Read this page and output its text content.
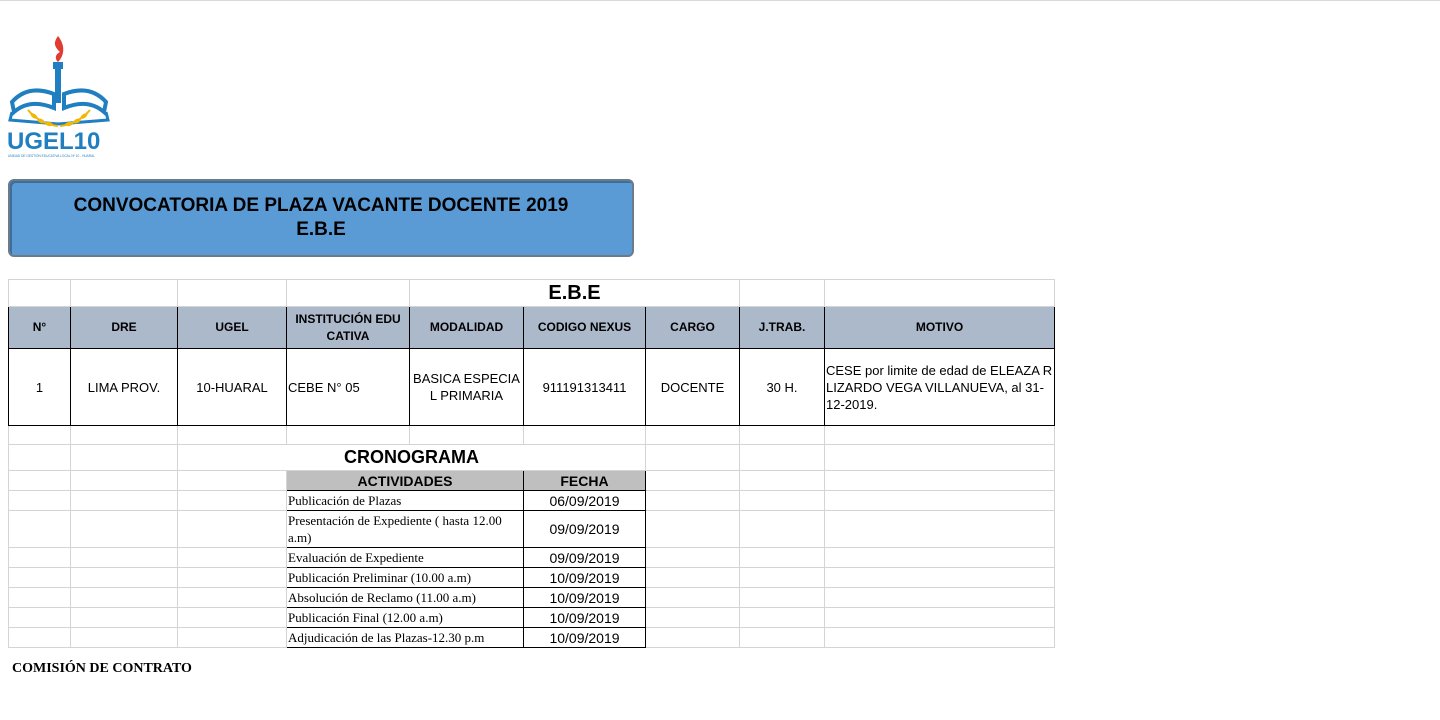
UGEL10
UNIDAD DE GESTIÓN EDUCATIVA LOCAL Nº 10 - HUARAL
CONVOCATORIA DE PLAZA VACANTE DOCENTE 2019
E.B.E
				E.B.E				
N°	DRE	UGEL	INSTITUCIÓN EDU CATIVA	MODALIDAD	CODIGO NEXUS	CARGO	J.TRAB.	MOTIVO
1	LIMA PROV.	10-HUARAL	CEBE N° 05	BASICA ESPECIA L PRIMARIA	911191313411	DOCENTE	30 H.	CESE por limite de edad de ELEAZA R LIZARDO VEGA VILLANUEVA, al 31-12-2019.

		CRONOGRAMA						
			ACTIVIDADES		FECHA			
			Publicación de Plazas		06/09/2019			

			Presentación de Expediente ( hasta 12.00 a.m)		09/09/2019			
			Evaluación de Expediente		09/09/2019			
			Publicación Preliminar (10.00 a.m)		10/09/2019			
			Absolución de Reclamo (11.00 a.m)		10/09/2019			
			Publicación Final (12.00 a.m)		10/09/2019			
			Adjudicación de las Plazas-12.30 p.m		10/09/2019			
COMISIÓN DE CONTRATO
